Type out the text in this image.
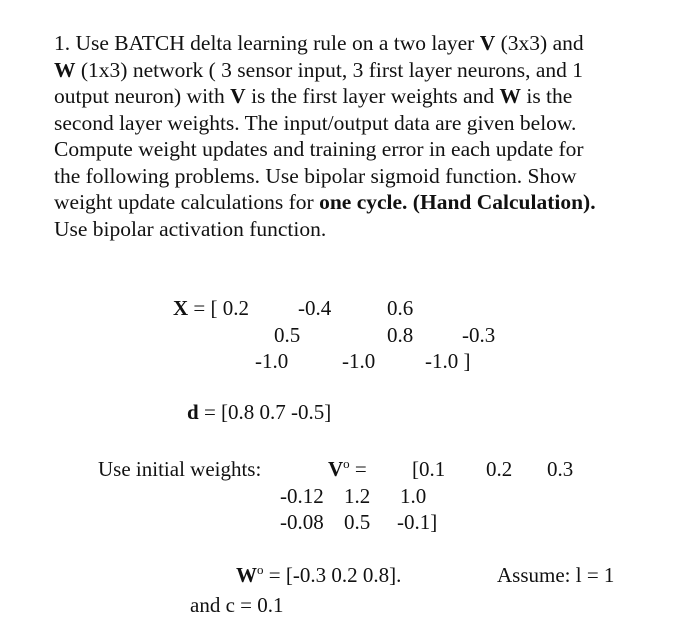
1. Use BATCH delta learning rule on a two layer V (3x3) and
W (1x3) network ( 3 sensor input, 3 first layer neurons, and 1
output neuron) with V is the first layer weights and W is the
second layer weights. The input/output data are given below.
Compute weight updates and training error in each update for
the following problems. Use bipolar sigmoid function. Show
weight update calculations for one cycle. (Hand Calculation).
Use bipolar activation function.
X = [ 0.2 -0.4	0.6
0.5	0.8 -0.3
-1.0	-1.0 -1.0 ]
d = [0.8 0.7 -0.5]
Use initial weights:	$V^o = [0.1$ 0.2 0.3
-0.12 1.2 1.0
-0.08 0.5 -0.1]
$W^o = [-0.3$ 0.2 0.8].	Assume: l = 1
and c = 0.1
